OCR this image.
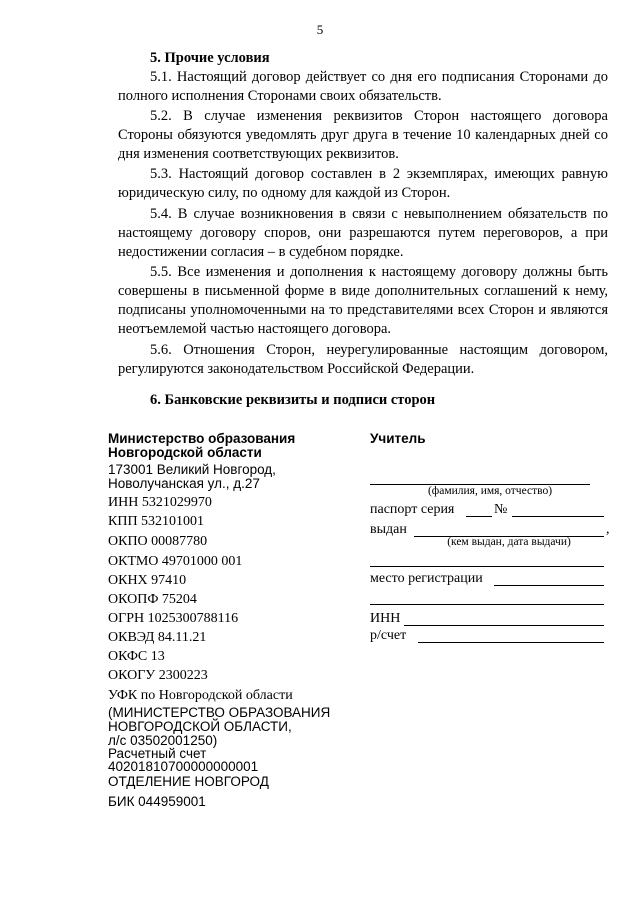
5
5. Прочие условия
5.1. Настоящий договор действует со дня его подписания Сторонами до полного исполнения Сторонами своих обязательств.
5.2. В случае изменения реквизитов Сторон настоящего договора Стороны обязуются уведомлять друг друга в течение 10 календарных дней со дня изменения соответствующих реквизитов.
5.3. Настоящий договор составлен в 2 экземплярах, имеющих равную юридическую силу, по одному для каждой из Сторон.
5.4. В случае возникновения в связи с невыполнением обязательств по настоящему договору споров, они разрешаются путем переговоров, а при недостижении согласия – в судебном порядке.
5.5. Все изменения и дополнения к настоящему договору должны быть совершены в письменной форме в виде дополнительных соглашений к нему, подписаны уполномоченными на то представителями всех Сторон и являются неотъемлемой частью настоящего договора.
5.6. Отношения Сторон, неурегулированные настоящим договором, регулируются законодательством Российской Федерации.
6. Банковские реквизиты и подписи сторон
Министерство образования
Новгородской области
173001 Великий Новгород,
Новолучанская ул., д.27
ИНН 5321029970
КПП 532101001
ОКПО 00087780
ОКТМО 49701000 001
ОКНХ 97410
ОКОПФ 75204
ОГРН 1025300788116
ОКВЭД 84.11.21
ОКФС 13
ОКОГУ 2300223
УФК по Новгородской области
(МИНИСТЕРСТВО ОБРАЗОВАНИЯ
НОВГОРОДСКОЙ ОБЛАСТИ,
л/с 03502001250)
Расчетный счет
40201810700000000001
ОТДЕЛЕНИЕ НОВГОРОД
БИК 044959001
Учитель
(фамилия, имя, отчество)
паспорт серия	№
выдан	,
(кем выдан, дата выдачи)
место регистрации
ИНН
р/счет
